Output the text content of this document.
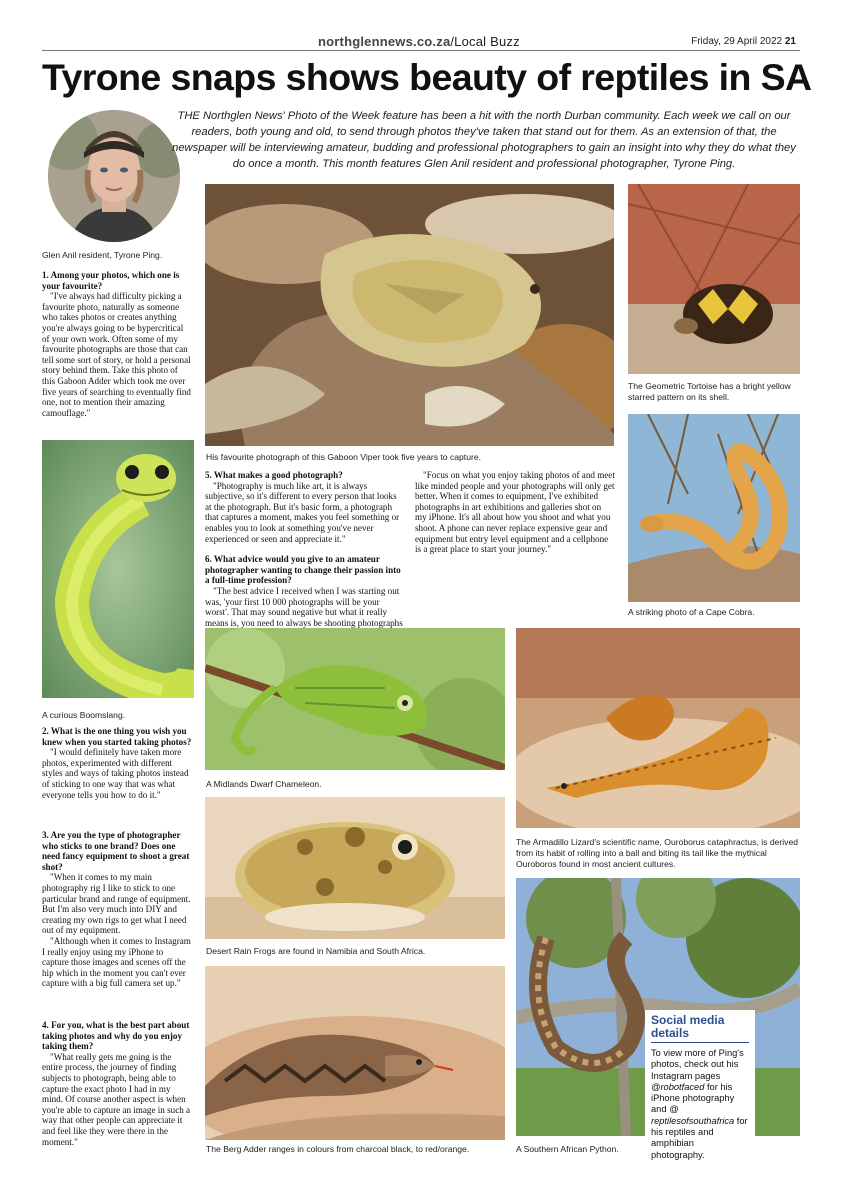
northglennews.co.za/Local Buzz	Friday, 29 April 2022 21
Tyrone snaps shows beauty of reptiles in SA
Glen Anil resident, Tyrone Ping.
THE Northglen News' Photo of the Week feature has been a hit with the north Durban community. Each week we call on our readers, both young and old, to send through photos they've taken that stand out for them. As an extension of that, the newspaper will be interviewing amateur, budding and professional photographers to gain an insight into why they do what they do once a month. This month features Glen Anil resident and professional photographer, Tyrone Ping.
1. Among your photos, which one is your favourite?

"I've always had difficulty picking a favourite photo, naturally as someone who takes photos or creates anything you're always going to be hypercritical of your own work. Often some of my favourite photographs are those that can tell some sort of story, or hold a personal story behind them. Take this photo of this Gaboon Adder which took me over five years of searching to eventually find one, not to mention their amazing camouflage."

A curious Boomslang.
2. What is the one thing you wish you knew when you started taking photos?

"I would definitely have taken more photos, experimented with different styles and ways of taking photos instead of sticking to one way that was what everyone tells you how to do it."

3. Are you the type of photographer who sticks to one brand? Does one need fancy equipment to shoot a great shot?

"When it comes to my main photography rig I like to stick to one particular brand and range of equipment. But I'm also very much into DIY and creating my own rigs to get what I need out of my equipment.

"Although when it comes to Instagram I really enjoy using my iPhone to capture those images and scenes off the hip which in the moment you can't ever capture with a big full camera set up."

4. For you, what is the best part about taking photos and why do you enjoy taking them?

"What really gets me going is the entire process, the journey of finding subjects to photograph, being able to capture the exact photo I had in my mind. Of course another aspect is when you're able to capture an image in such a way that other people can appreciate it and feel like they were there in the moment."

His favourite photograph of this Gaboon Viper took five years to capture.
5. What makes a good photograph?

"Photography is much like art, it is always subjective, so it's different to every person that looks at the photograph. But it's basic form, a photograph that captures a moment, makes you feel something or enables you to look at something you've never experienced or seen and appreciate it."

6. What advice would you give to an amateur photographer wanting to change their passion into a full-time profession?

"The best advice I received when I was starting out was, 'your first 10 000 photographs will be your worst'. That may sound negative but what it really means is, you need to always be shooting photographs

"Focus on what you enjoy taking photos of and meet like minded people and your photographs will only get better. When it comes to equipment, I've exhibited photographs in art exhibitions and galleries shot on my iPhone. It's all about how you shoot and what you shoot. A phone can never replace expensive gear and equipment but entry level equipment and a cellphone is a great place to start your journey."

The Geometric Tortoise has a bright yellow starred pattern on its shell.
A striking photo of a Cape Cobra.
A Midlands Dwarf Chameleon.
The Armadillo Lizard's scientific name, Ouroborus cataphractus, is derived from its habit of rolling into a ball and biting its tail like the mythical Ouroboros found in most ancient cultures.
Desert Rain Frogs are found in Namibia and South Africa.
The Berg Adder ranges in colours from charcoal black, to red/orange.	A Southern African Python.
Social media
details
To view more of Ping's photos, check out his Instagram pages @robotfaced for his iPhone photography and @ reptilesofsouthafrica for his reptiles and amphibian photography.
